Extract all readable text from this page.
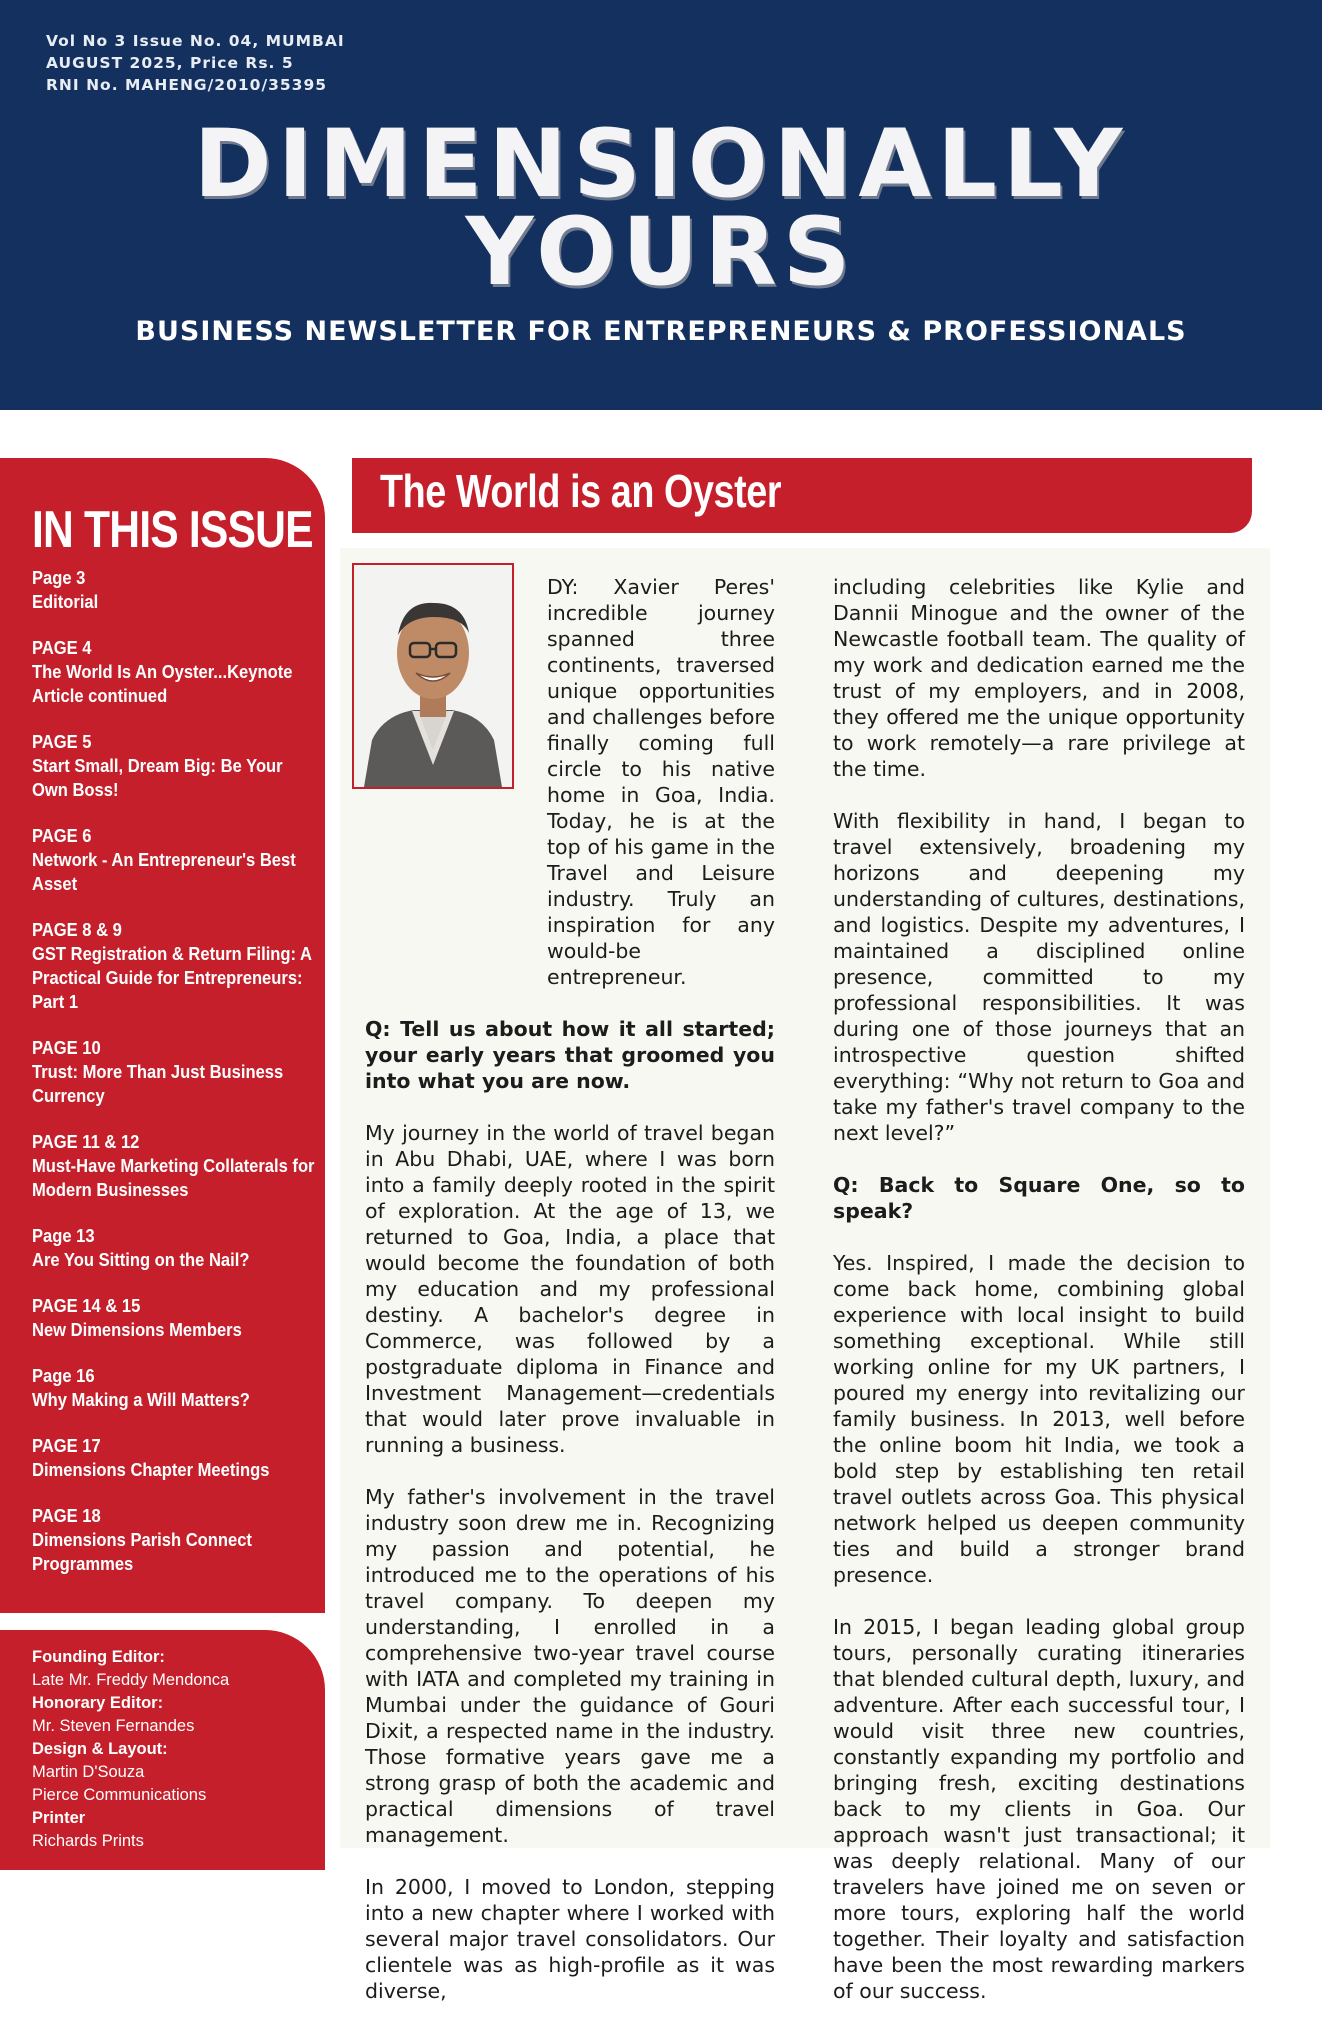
Vol No 3 Issue No. 04, MUMBAI
AUGUST 2025, Price Rs. 5
RNI No. MAHENG/2010/35395
DIMENSIONALLY
YOURS
BUSINESS NEWSLETTER FOR ENTREPRENEURS & PROFESSIONALS
IN THIS ISSUE
Page 3
Editorial
PAGE 4
The World Is An Oyster...Keynote Article continued
PAGE 5
Start Small, Dream Big: Be Your Own Boss!
PAGE 6
Network - An Entrepreneur's Best Asset
PAGE 8 & 9
GST Registration & Return Filing: A Practical Guide for Entrepreneurs: Part 1
PAGE 10
Trust: More Than Just Business Currency
PAGE 11 & 12
Must-Have Marketing Collaterals for Modern Businesses
Page 13
Are You Sitting on the Nail?
PAGE 14 & 15
New Dimensions Members
Page 16
Why Making a Will Matters?
PAGE 17
Dimensions Chapter Meetings
PAGE 18
Dimensions Parish Connect Programmes
Founding Editor:
Late Mr. Freddy Mendonca
Honorary Editor:
Mr. Steven Fernandes
Design & Layout:
Martin D'Souza
Pierce Communications
Printer
Richards Prints
The World is an Oyster

DY: Xavier Peres' incredible journey spanned three continents, traversed unique opportunities and challenges before finally coming full circle to his native home in Goa, India. Today, he is at the top of his game in the Travel and Leisure industry. Truly an inspiration for any would-be entrepreneur.

Q: Tell us about how it all started; your early years that groomed you into what you are now.

My journey in the world of travel began in Abu Dhabi, UAE, where I was born into a family deeply rooted in the spirit of exploration. At the age of 13, we returned to Goa, India, a place that would become the foundation of both my education and my professional destiny. A bachelor's degree in Commerce, was followed by a postgraduate diploma in Finance and Investment Management—credentials that would later prove invaluable in running a business.

My father's involvement in the travel industry soon drew me in. Recognizing my passion and potential, he introduced me to the operations of his travel company. To deepen my understanding, I enrolled in a comprehensive two-year travel course with IATA and completed my training in Mumbai under the guidance of Gouri Dixit, a respected name in the industry. Those formative years gave me a strong grasp of both the academic and practical dimensions of travel management.

In 2000, I moved to London, stepping into a new chapter where I worked with several major travel consolidators. Our clientele was as high-profile as it was diverse,

including celebrities like Kylie and Dannii Minogue and the owner of the Newcastle football team. The quality of my work and dedication earned me the trust of my employers, and in 2008, they offered me the unique opportunity to work remotely—a rare privilege at the time.

With flexibility in hand, I began to travel extensively, broadening my horizons and deepening my understanding of cultures, destinations, and logistics. Despite my adventures, I maintained a disciplined online presence, committed to my professional responsibilities. It was during one of those journeys that an introspective question shifted everything: “Why not return to Goa and take my father's travel company to the next level?”

Q: Back to Square One, so to speak?

Yes. Inspired, I made the decision to come back home, combining global experience with local insight to build something exceptional. While still working online for my UK partners, I poured my energy into revitalizing our family business. In 2013, well before the online boom hit India, we took a bold step by establishing ten retail travel outlets across Goa. This physical network helped us deepen community ties and build a stronger brand presence.

In 2015, I began leading global group tours, personally curating itineraries that blended cultural depth, luxury, and adventure. After each successful tour, I would visit three new countries, constantly expanding my portfolio and bringing fresh, exciting destinations back to my clients in Goa. Our approach wasn't just transactional; it was deeply relational. Many of our travelers have joined me on seven or more tours, exploring half the world together. Their loyalty and satisfaction have been the most rewarding markers of our success.
